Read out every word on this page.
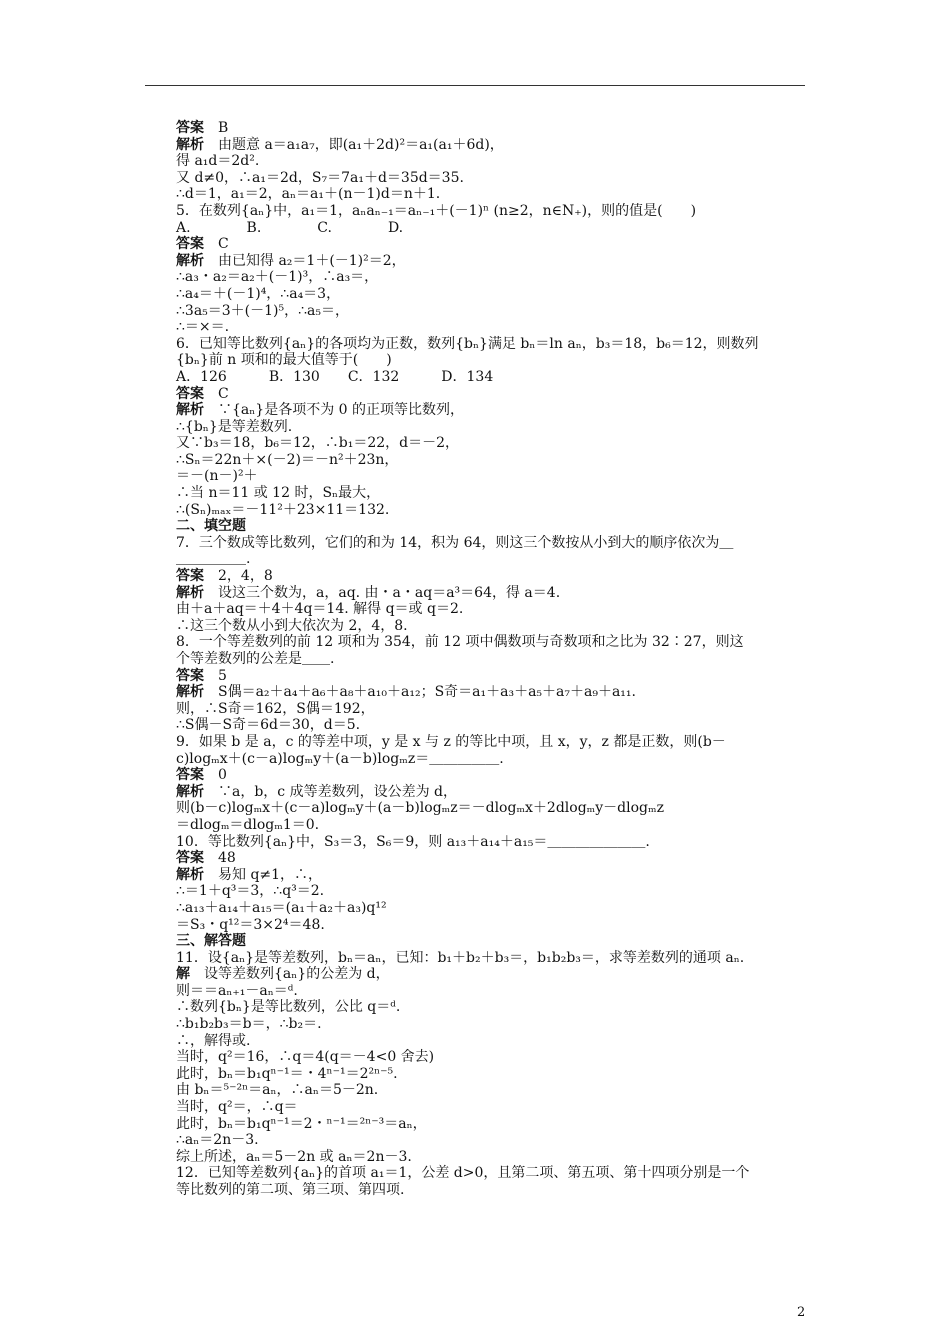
答案　 B
解析　 由题意 a＝a₁a₇，即(a₁＋2d)²＝a₁(a₁＋6d)，
得 a₁d＝2d².
又 d≠0，∴a₁＝2d，S₇＝7a₁＋d＝35d＝35.
∴d＝1，a₁＝2，aₙ＝a₁＋(n－1)d＝n＋1.
5．在数列{aₙ}中，a₁＝1，aₙaₙ₋₁＝aₙ₋₁＋(－1)ⁿ (n≥2，n∈N₊)，则的值是(　　)
A.　　　　B.　　　　C.　　　　D.
答案　 C
解析　 由已知得 a₂＝1＋(－1)²＝2，
∴a₃・a₂＝a₂＋(－1)³，∴a₃＝，
∴a₄＝＋(－1)⁴，∴a₄＝3，
∴3a₅＝3＋(－1)⁵，∴a₅＝，
∴＝×＝.
6．已知等比数列{aₙ}的各项均为正数，数列{bₙ}满足 bₙ＝ln aₙ，b₃＝18，b₆＝12，则数列
{bₙ}前 n 项和的最大值等于(　　)
A．126　　　B．130　　C．132　　　D．134
答案　 C
解析　 ∵{aₙ}是各项不为 0 的正项等比数列，
∴{bₙ}是等差数列.
又∵b₃＝18，b₆＝12，∴b₁＝22，d＝－2，
∴Sₙ＝22n＋×(－2)＝－n²＋23n，
＝－(n－)²＋
∴当 n＝11 或 12 时，Sₙ最大，
∴(Sₙ)ₘₐₓ＝－11²＋23×11＝132.
二、填空题
7．三个数成等比数列，它们的和为 14，积为 64，则这三个数按从小到大的顺序依次为＿
＿＿＿＿＿.
答案　 2，4，8
解析　 设这三个数为，a，aq. 由・a・aq＝a³＝64，得 a＝4.
由＋a＋aq＝＋4＋4q＝14. 解得 q＝或 q＝2.
∴这三个数从小到大依次为 2，4，8.
8．一个等差数列的前 12 项和为 354，前 12 项中偶数项与奇数项和之比为 32∶27，则这
个等差数列的公差是＿＿.
答案　 5
解析　 S偶＝a₂＋a₄＋a₆＋a₈＋a₁₀＋a₁₂；S奇＝a₁＋a₃＋a₅＋a₇＋a₉＋a₁₁.
则，∴S奇＝162，S偶＝192，
∴S偶－S奇＝6d＝30，d＝5.
9．如果 b 是 a，c 的等差中项，y 是 x 与 z 的等比中项，且 x，y，z 都是正数，则(b－
c)logₘx＋(c－a)logₘy＋(a－b)logₘz＝＿＿＿＿＿.
答案　 0
解析　 ∵a，b，c 成等差数列，设公差为 d，
则(b－c)logₘx＋(c－a)logₘy＋(a－b)logₘz＝－dlogₘx＋2dlogₘy－dlogₘz
＝dlogₘ＝dlogₘ1＝0.
10．等比数列{aₙ}中，S₃＝3，S₆＝9，则 a₁₃＋a₁₄＋a₁₅＝＿＿＿＿＿＿＿.
答案　 48
解析　 易知 q≠1，∴，
∴＝1＋q³＝3，∴q³＝2.
∴a₁₃＋a₁₄＋a₁₅＝(a₁＋a₂＋a₃)q¹²
＝S₃・q¹²＝3×2⁴＝48.
三、解答题
11．设{aₙ}是等差数列，bₙ＝aₙ，已知：b₁＋b₂＋b₃＝，b₁b₂b₃＝，求等差数列的通项 aₙ.
解　 设等差数列{aₙ}的公差为 d，
则＝＝aₙ₊₁－aₙ＝ᵈ.
∴数列{bₙ}是等比数列，公比 q＝ᵈ.
∴b₁b₂b₃＝b＝，∴b₂＝.
∴，解得或.
当时，q²＝16，∴q＝4(q＝－4<0 舍去)
此时，bₙ＝b₁qⁿ⁻¹＝・4ⁿ⁻¹＝2²ⁿ⁻⁵.
由 bₙ＝⁵⁻²ⁿ＝aₙ，∴aₙ＝5－2n.
当时，q²＝，∴q＝
此时，bₙ＝b₁qⁿ⁻¹＝2・ⁿ⁻¹＝²ⁿ⁻³＝aₙ，
∴aₙ＝2n－3.
综上所述，aₙ＝5－2n 或 aₙ＝2n－3.
12．已知等差数列{aₙ}的首项 a₁＝1，公差 d>0，且第二项、第五项、第十四项分别是一个
等比数列的第二项、第三项、第四项.
2
